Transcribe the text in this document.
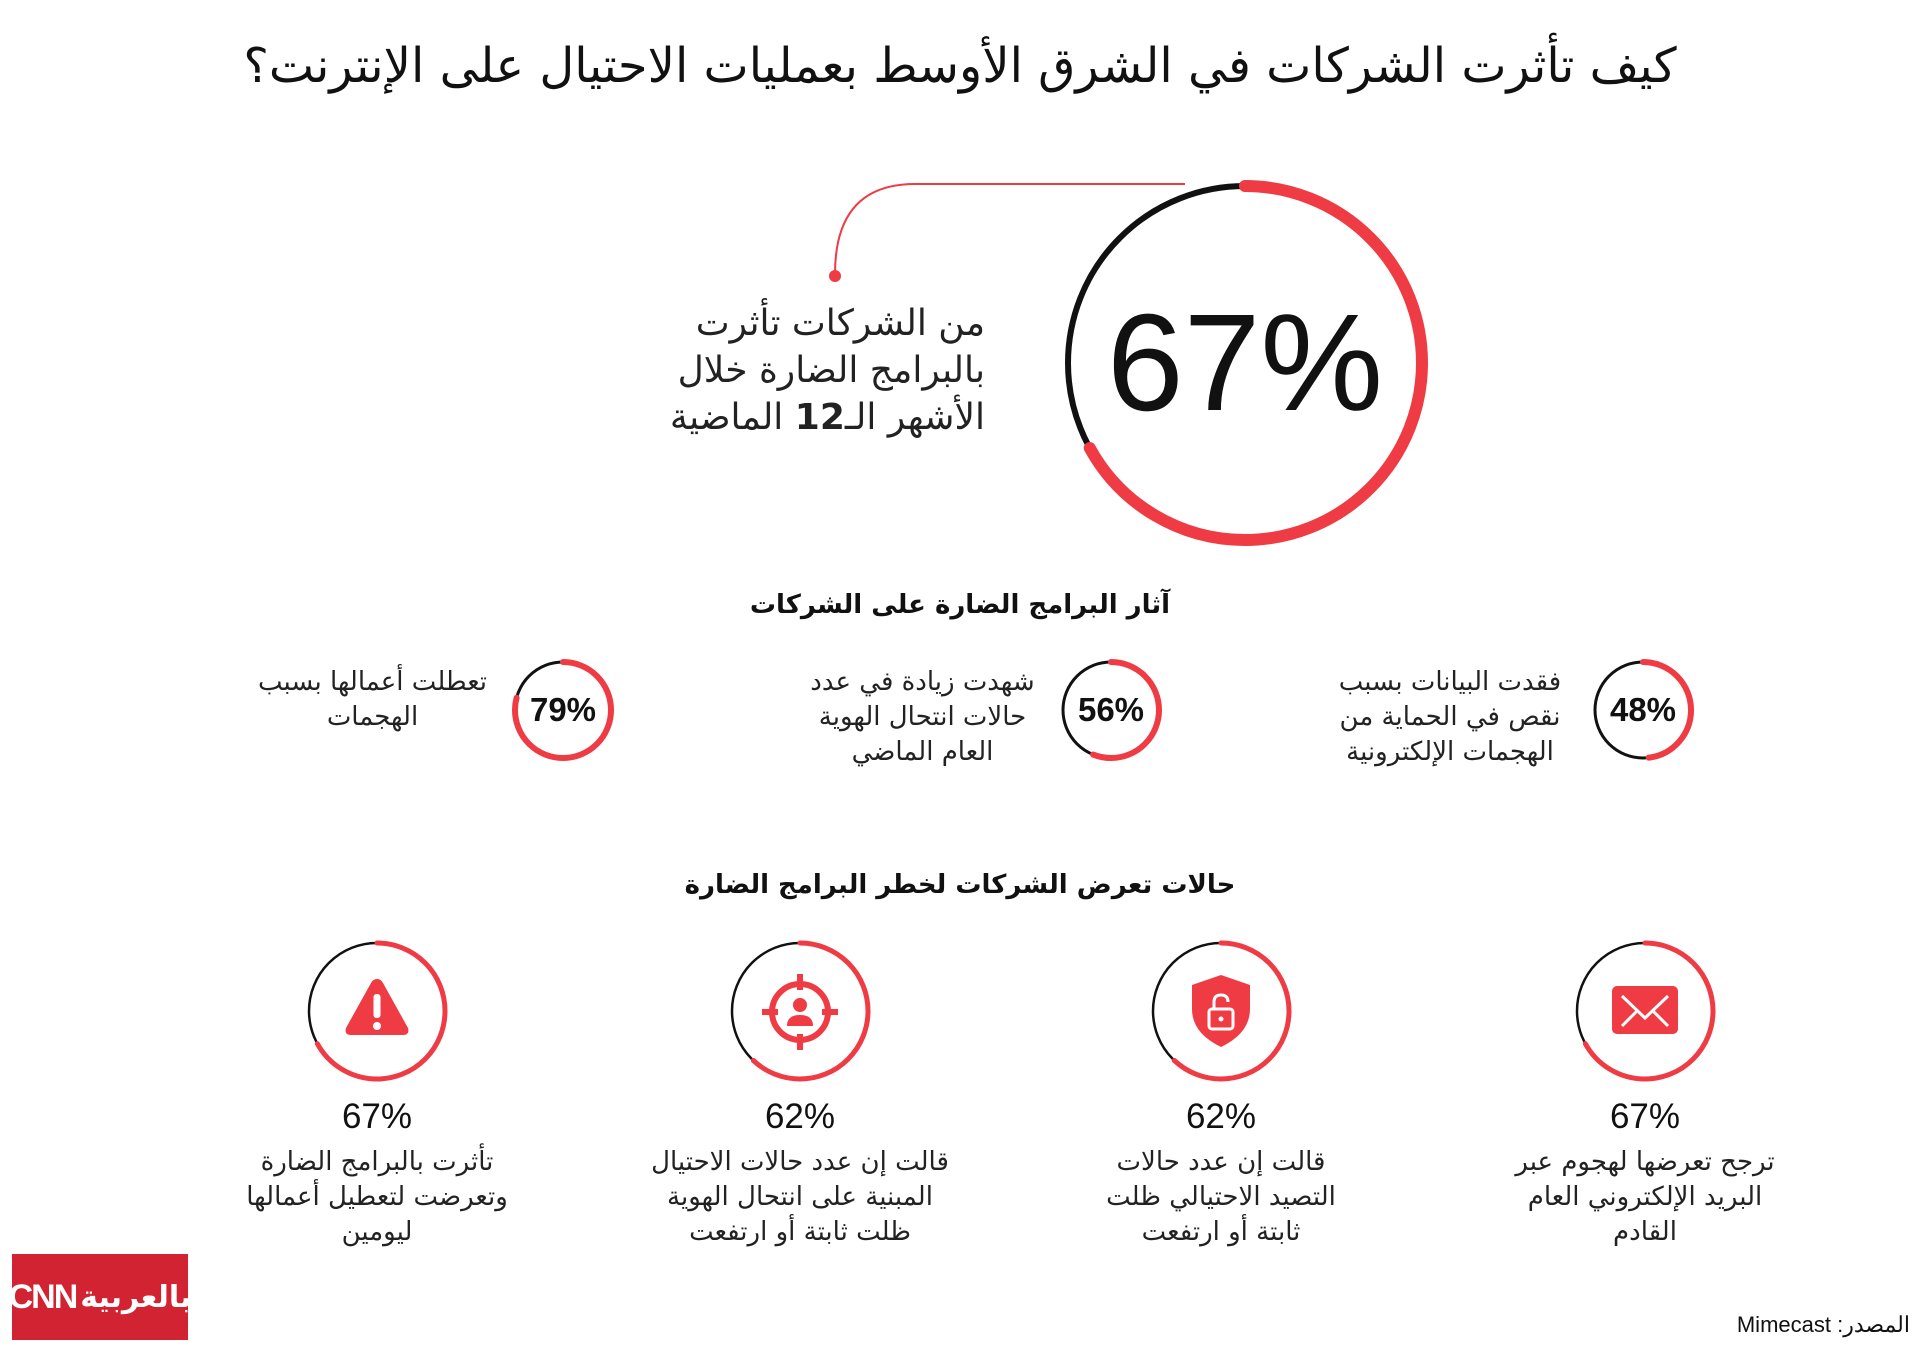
كيف تأثرت الشركات في الشرق الأوسط بعمليات الاحتيال على الإنترنت؟
67%
من الشركات تأثرت
بالبرامج الضارة خلال
الأشهر الـ12 الماضية
آثار البرامج الضارة على الشركات
48%
فقدت البيانات بسبب
نقص في الحماية من
الهجمات الإلكترونية
56%
شهدت زيادة في عدد
حالات انتحال الهوية
العام الماضي
79%
تعطلت أعمالها بسبب
الهجمات
حالات تعرض الشركات لخطر البرامج الضارة
67%
ترجح تعرضها لهجوم عبر
البريد الإلكتروني العام
القادم
62%
قالت إن عدد حالات
التصيد الاحتيالي ظلت
ثابتة أو ارتفعت
62%
قالت إن عدد حالات الاحتيال
المبنية على انتحال الهوية
ظلت ثابتة أو ارتفعت
67%
تأثرت بالبرامج الضارة
وتعرضت لتعطيل أعمالها
ليومين
CNN بالعربية
المصدر: Mimecast
